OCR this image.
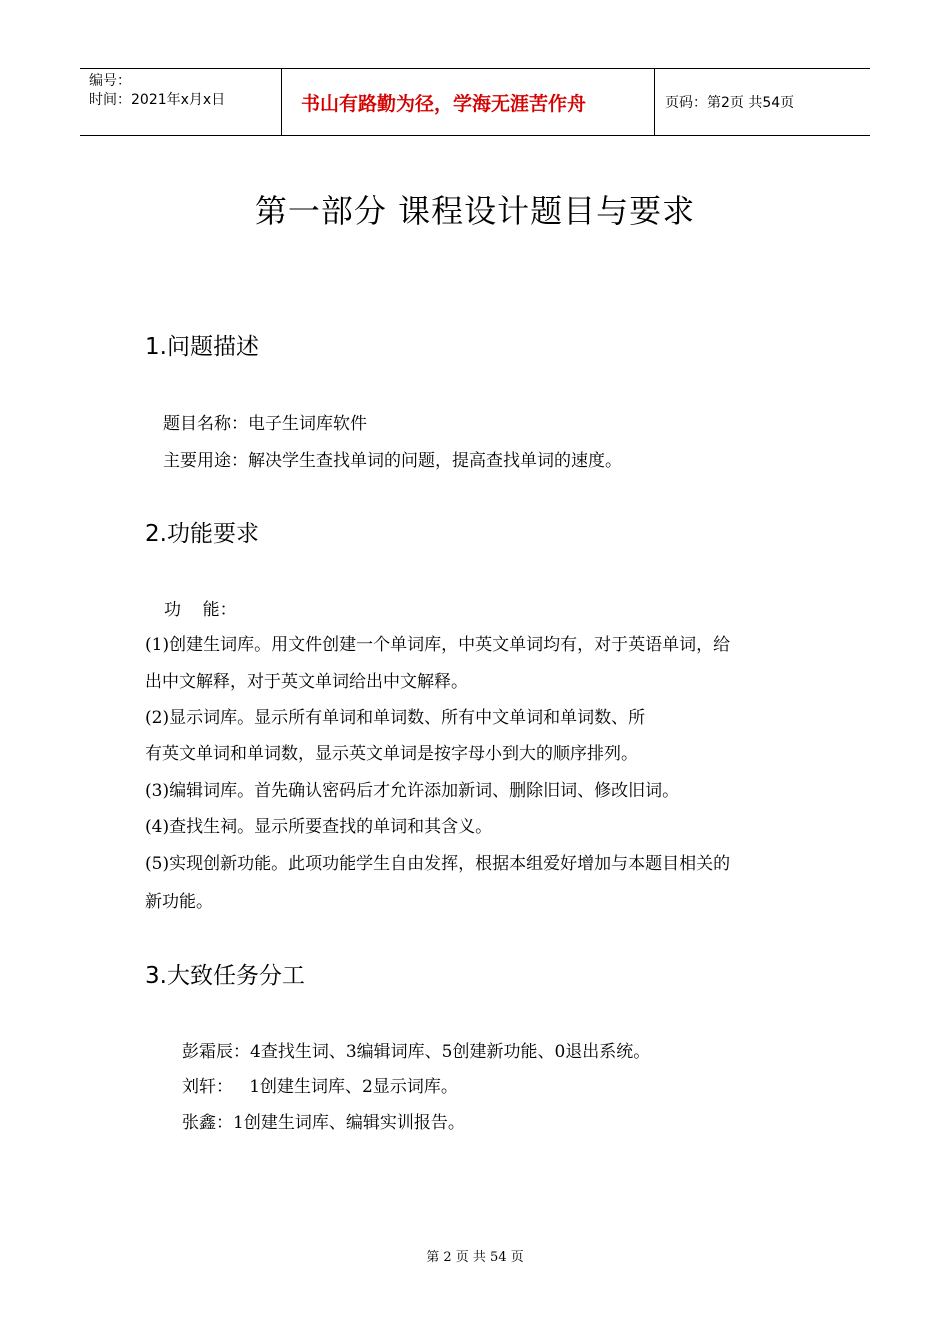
编号：
时间：2021年x月x日	书山有路勤为径，学海无涯苦作舟	页码：第2页 共54页
第一部分 课程设计题目与要求
1.问题描述
题目名称：电子生词库软件
主要用途：解决学生查找单词的问题，提高查找单词的速度。
2.功能要求
功    能：
(1)创建生词库。用文件创建一个单词库，中英文单词均有，对于英语单词，给
出中文解释，对于英文单词给出中文解释。
(2)显示词库。显示所有单词和单词数、所有中文单词和单词数、所
有英文单词和单词数，显示英文单词是按字母小到大的顺序排列。
(3)编辑词库。首先确认密码后才允许添加新词、删除旧词、修改旧词。
(4)查找生祠。显示所要查找的单词和其含义。
(5)实现创新功能。此项功能学生自由发挥，根据本组爱好增加与本题目相关的
新功能。
3.大致任务分工
彭霜辰：4查找生词、3编辑词库、5创建新功能、0退出系统。
刘轩：   1创建生词库、2显示词库。
张鑫：1创建生词库、编辑实训报告。
第 2 页 共 54 页
